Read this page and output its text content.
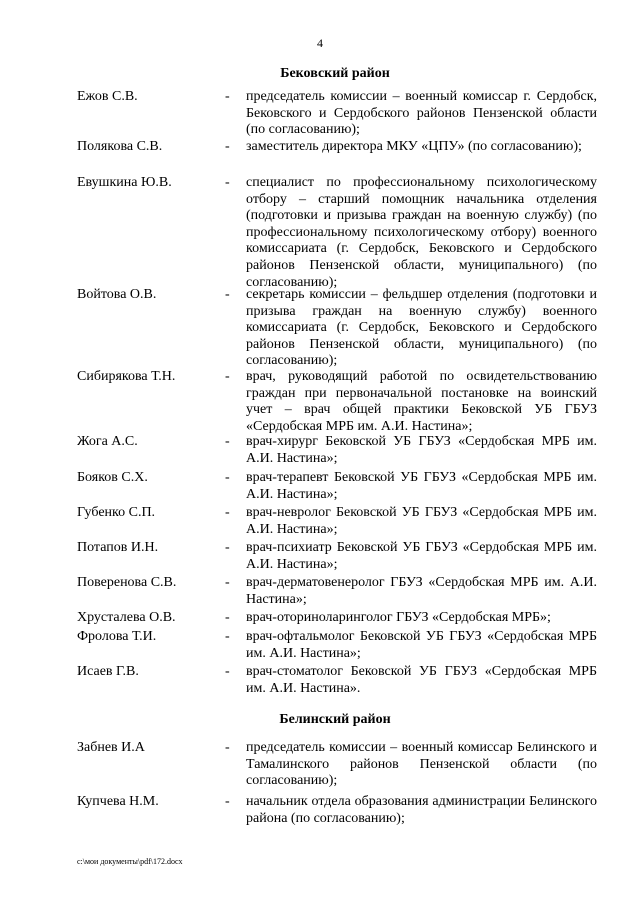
4
Бековский район
Ежов С.В.	- председатель комиссии – военный комиссар г. Сердобск, Бековского и Сердобского районов Пензенской области (по согласованию);
Полякова С.В.	- заместитель директора МКУ «ЦПУ» (по согласованию);
Евушкина Ю.В.	- специалист по профессиональному психологическому отбору – старший помощник начальника отделения (подготовки и призыва граждан на военную службу) (по профессиональному психологическому отбору) военного комиссариата (г. Сердобск, Бековского и Сердобского районов Пензенской области, муниципального) (по согласованию);
Войтова О.В.	- секретарь комиссии – фельдшер отделения (подготовки и призыва граждан на военную службу) военного комиссариата (г. Сердобск, Бековского и Сердобского районов Пензенской области, муниципального) (по согласованию);
Сибирякова Т.Н.	- врач, руководящий работой по освидетельствованию граждан при первоначальной постановке на воинский учет – врач общей практики Бековской УБ ГБУЗ «Сердобская МРБ им. А.И. Настина»;
Жога А.С.	- врач-хирург Бековской УБ ГБУЗ «Сердобская МРБ им. А.И. Настина»;
Бояков С.Х.	- врач-терапевт Бековской УБ ГБУЗ «Сердобская МРБ им. А.И. Настина»;
Губенко С.П.	- врач-невролог Бековской УБ ГБУЗ «Сердобская МРБ им. А.И. Настина»;
Потапов И.Н.	- врач-психиатр Бековской УБ ГБУЗ «Сердобская МРБ им. А.И. Настина»;
Поверенова С.В.	- врач-дерматовенеролог ГБУЗ «Сердобская МРБ им. А.И. Настина»;
Хрусталева О.В.	- врач-оториноларинголог ГБУЗ «Сердобская МРБ»;
Фролова Т.И.	- врач-офтальмолог Бековской УБ ГБУЗ «Сердобская МРБ им. А.И. Настина»;
Исаев Г.В.	- врач-стоматолог Бековской УБ ГБУЗ «Сердобская МРБ им. А.И. Настина».
Белинский район
Забнев И.А	- председатель комиссии – военный комиссар Белинского и Тамалинского районов Пензенской области (по согласованию);
Купчева Н.М.	- начальник отдела образования администрации Белинского района (по согласованию);
c:\мои документы\pdf\172.docx
